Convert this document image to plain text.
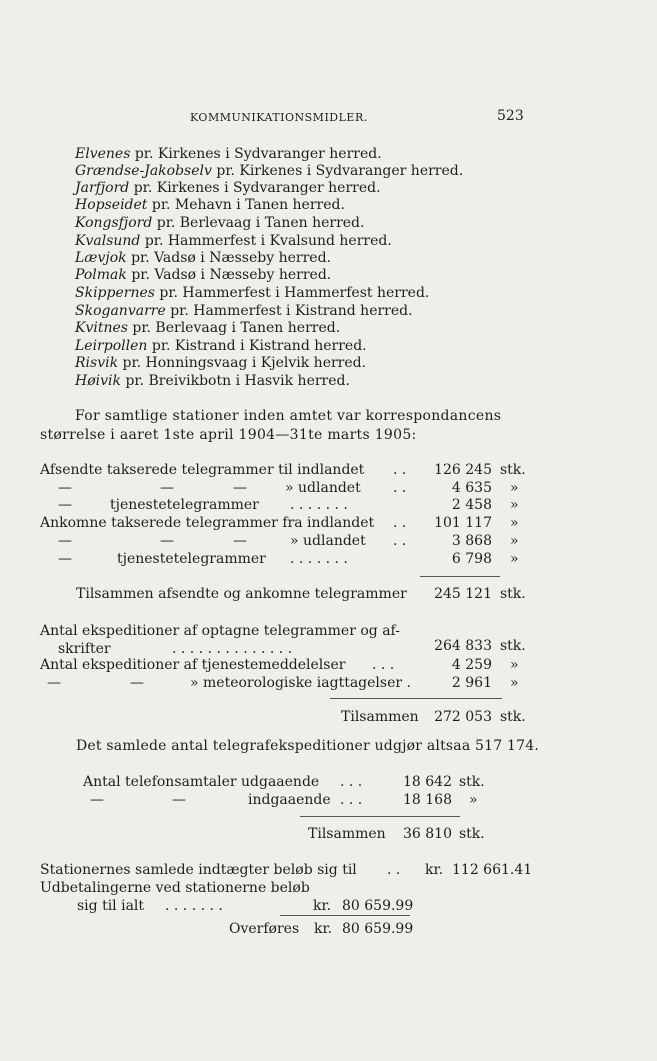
KOMMUNIKATIONSMIDLER.	523
Elvenes pr. Kirkenes i Sydvaranger herred.
Grændse-Jakobselv pr. Kirkenes i Sydvaranger herred.
Jarfjord pr. Kirkenes i Sydvaranger herred.
Hopseidet pr. Mehavn i Tanen herred.
Kongsfjord pr. Berlevaag i Tanen herred.
Kvalsund pr. Hammerfest i Kvalsund herred.
Lævjok pr. Vadsø i Næsseby herred.
Polmak pr. Vadsø i Næsseby herred.
Skippernes pr. Hammerfest i Hammerfest herred.
Skoganvarre pr. Hammerfest i Kistrand herred.
Kvitnes pr. Berlevaag i Tanen herred.
Leirpollen pr. Kistrand i Kistrand herred.
Risvik pr. Honningsvaag i Kjelvik herred.
Høivik pr. Breivikbotn i Hasvik herred.
For samtlige stationer inden amtet var korrespondancens
størrelse i aaret 1ste april 1904—31te marts 1905:
Afsendte takserede telegrammer til indlandet . .	126 245 stk.
—	—	—	» udlandet . .	4 635 »
—	tjenestetelegrammer . . . . . . .	2 458 »
Ankomne takserede telegrammer fra indlandet . .	101 117 »
—	—	—	» udlandet . .	3 868 »
—	tjenestetelegrammer . . . . . . .	6 798 »
Tilsammen afsendte og ankomne telegrammer	245 121 stk.
Antal ekspeditioner af optagne telegrammer og af-
skrifter	. . . . . . . . . . . . . .	264 833 stk.
Antal ekspeditioner af tjenestemeddelelser . . .	4 259 »
—	—	» meteorologiske iagttagelser .	2 961 »
Tilsammen	272 053 stk.
Det samlede antal telegrafekspeditioner udgjør altsaa 517 174.
Antal telefonsamtaler udgaaende . . .	18 642 stk.
—	—	indgaaende . . .	18 168 »
Tilsammen	36 810 stk.
Stationernes samlede indtægter beløb sig til . . kr. 112 661.41
Udbetalingerne ved stationerne beløb
sig til ialt . . . . . . .	kr. 80 659.99
Overføres kr. 80 659.99
